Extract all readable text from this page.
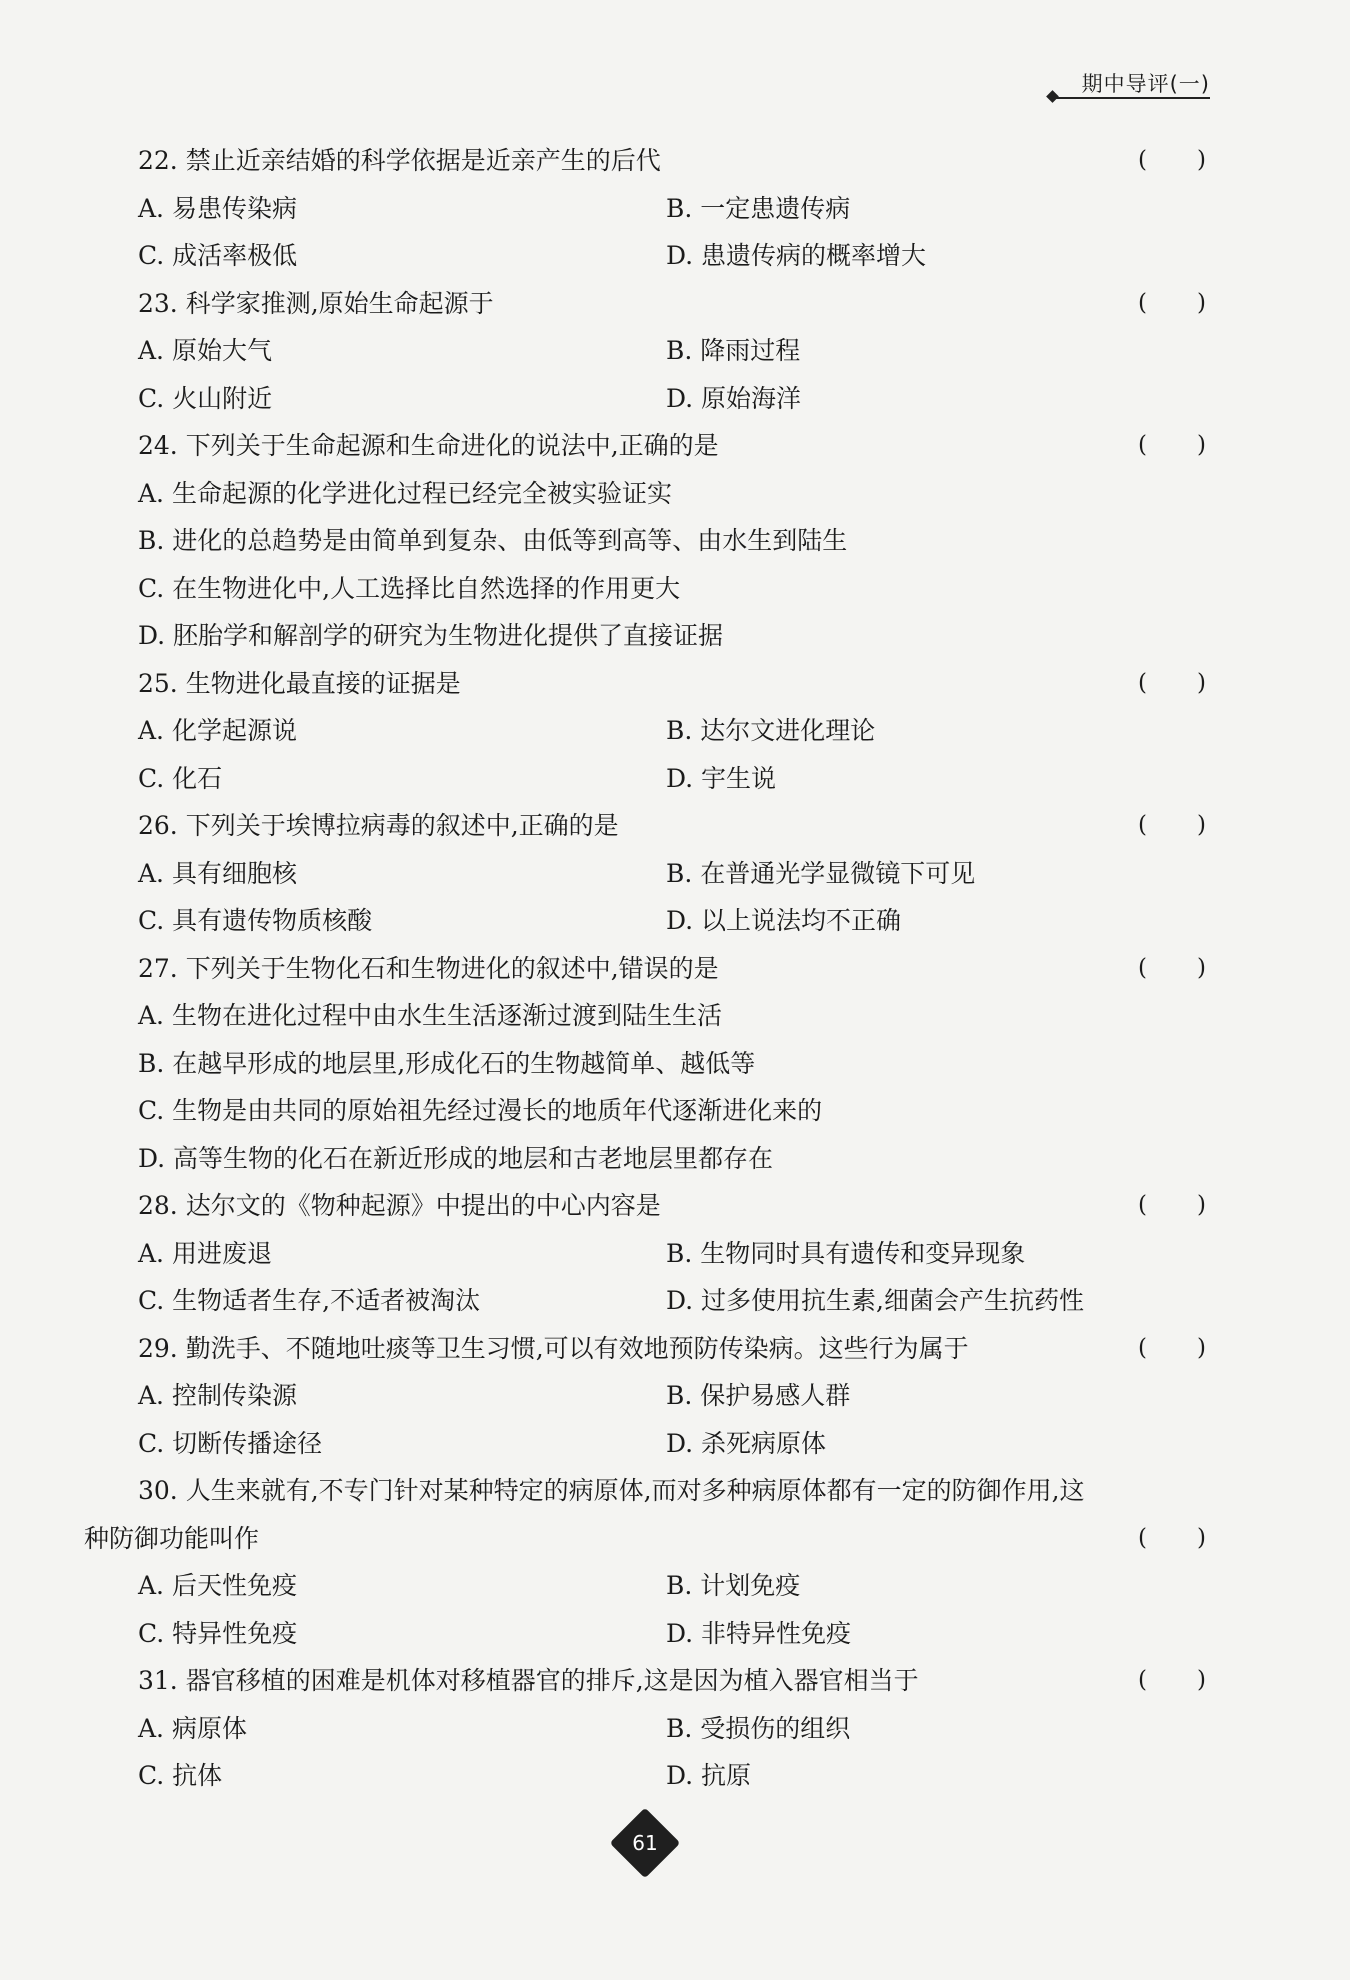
期中导评(一)
22. 禁止近亲结婚的科学依据是近亲产生的后代	( )
A. 易患传染病	B. 一定患遗传病
C. 成活率极低	D. 患遗传病的概率增大
23. 科学家推测,原始生命起源于	( )
A. 原始大气	B. 降雨过程
C. 火山附近	D. 原始海洋
24. 下列关于生命起源和生命进化的说法中,正确的是	( )
A. 生命起源的化学进化过程已经完全被实验证实
B. 进化的总趋势是由简单到复杂、由低等到高等、由水生到陆生
C. 在生物进化中,人工选择比自然选择的作用更大
D. 胚胎学和解剖学的研究为生物进化提供了直接证据
25. 生物进化最直接的证据是	( )
A. 化学起源说	B. 达尔文进化理论
C. 化石	D. 宇生说
26. 下列关于埃博拉病毒的叙述中,正确的是	( )
A. 具有细胞核	B. 在普通光学显微镜下可见
C. 具有遗传物质核酸	D. 以上说法均不正确
27. 下列关于生物化石和生物进化的叙述中,错误的是	( )
A. 生物在进化过程中由水生生活逐渐过渡到陆生生活
B. 在越早形成的地层里,形成化石的生物越简单、越低等
C. 生物是由共同的原始祖先经过漫长的地质年代逐渐进化来的
D. 高等生物的化石在新近形成的地层和古老地层里都存在
28. 达尔文的《物种起源》中提出的中心内容是	( )
A. 用进废退	B. 生物同时具有遗传和变异现象
C. 生物适者生存,不适者被淘汰	D. 过多使用抗生素,细菌会产生抗药性
29. 勤洗手、不随地吐痰等卫生习惯,可以有效地预防传染病。这些行为属于	( )
A. 控制传染源	B. 保护易感人群
C. 切断传播途径	D. 杀死病原体
30. 人生来就有,不专门针对某种特定的病原体,而对多种病原体都有一定的防御作用,这
种防御功能叫作	( )
A. 后天性免疫	B. 计划免疫
C. 特异性免疫	D. 非特异性免疫
31. 器官移植的困难是机体对移植器官的排斥,这是因为植入器官相当于	( )
A. 病原体	B. 受损伤的组织
C. 抗体	D. 抗原
61
